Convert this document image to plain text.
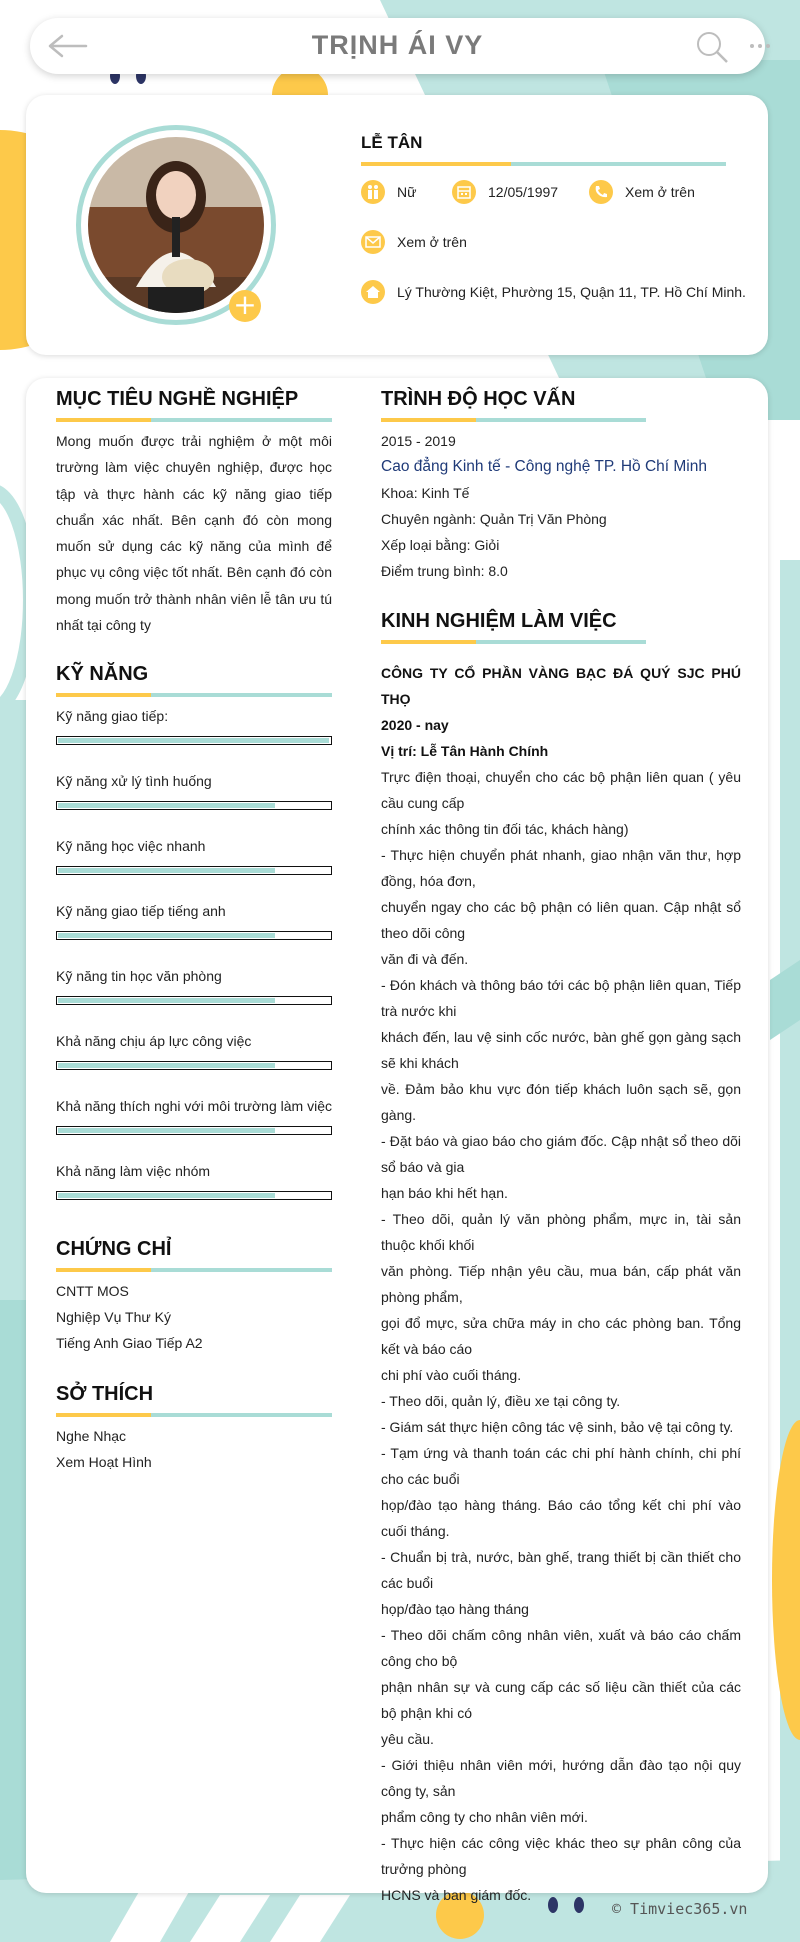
TRỊNH ÁI VY
+
LỄ TÂN
Nữ	12/05/1997	Xem ở trên
Xem ở trên
Lý Thường Kiệt, Phường 15, Quận 11, TP. Hồ Chí Minh.
MỤC TIÊU NGHỀ NGHIỆP
Mong muốn được trải nghiệm ở một môi trường làm việc chuyên nghiệp, được học tập và thực hành các kỹ năng giao tiếp chuẩn xác nhất. Bên cạnh đó còn mong muốn sử dụng các kỹ năng của mình để phục vụ công việc tốt nhất. Bên cạnh đó còn mong muốn trở thành nhân viên lễ tân ưu tú nhất tại công ty
KỸ NĂNG
Kỹ năng giao tiếp:
Kỹ năng xử lý tình huống
Kỹ năng học việc nhanh
Kỹ năng giao tiếp tiếng anh
Kỹ năng tin học văn phòng
Khả năng chịu áp lực công việc
Khả năng thích nghi với môi trường làm việc
Khả năng làm việc nhóm
CHỨNG CHỈ
CNTT MOS
Nghiệp Vụ Thư Ký
Tiếng Anh Giao Tiếp A2
SỞ THÍCH
Nghe Nhạc
Xem Hoạt Hình
TRÌNH ĐỘ HỌC VẤN
2015 - 2019
Cao đẳng Kinh tế - Công nghệ TP. Hồ Chí Minh
Khoa: Kinh Tế
Chuyên ngành: Quản Trị Văn Phòng
Xếp loại bằng: Giỏi
Điểm trung bình: 8.0
KINH NGHIỆM LÀM VIỆC
CÔNG TY CỔ PHẦN VÀNG BẠC ĐÁ QUÝ SJC PHÚ THỌ
2020 - nay
Vị trí: Lễ Tân Hành Chính
Trực điện thoại, chuyển cho các bộ phận liên quan ( yêu cầu cung cấp
chính xác thông tin đối tác, khách hàng)
- Thực hiện chuyển phát nhanh, giao nhận văn thư, hợp đồng, hóa đơn,
chuyển ngay cho các bộ phận có liên quan. Cập nhật sổ theo dõi công
văn đi và đến.
- Đón khách và thông báo tới các bộ phận liên quan, Tiếp trà nước khi
khách đến, lau vệ sinh cốc nước, bàn ghế gọn gàng sạch sẽ khi khách
về. Đảm bảo khu vực đón tiếp khách luôn sạch sẽ, gọn gàng.
- Đặt báo và giao báo cho giám đốc. Cập nhật sổ theo dõi sổ báo và gia
hạn báo khi hết hạn.
- Theo dõi, quản lý văn phòng phẩm, mực in, tài sản thuộc khối khối
văn phòng. Tiếp nhận yêu cầu, mua bán, cấp phát văn phòng phẩm,
gọi đổ mực, sửa chữa máy in cho các phòng ban. Tổng kết và báo cáo
chi phí vào cuối tháng.
- Theo dõi, quản lý, điều xe tại công ty.
- Giám sát thực hiện công tác vệ sinh, bảo vệ tại công ty.
- Tạm ứng và thanh toán các chi phí hành chính, chi phí cho các buổi
họp/đào tạo hàng tháng. Báo cáo tổng kết chi phí vào cuối tháng.
- Chuẩn bị trà, nước, bàn ghế, trang thiết bị cần thiết cho các buổi
họp/đào tạo hàng tháng
- Theo dõi chấm công nhân viên, xuất và báo cáo chấm công cho bộ
phận nhân sự và cung cấp các số liệu cần thiết của các bộ phận khi có
yêu cầu.
- Giới thiệu nhân viên mới, hướng dẫn đào tạo nội quy công ty, sản
phẩm công ty cho nhân viên mới.
- Thực hiện các công việc khác theo sự phân công của trưởng phòng
HCNS và ban giám đốc.
© Timviec365.vn
